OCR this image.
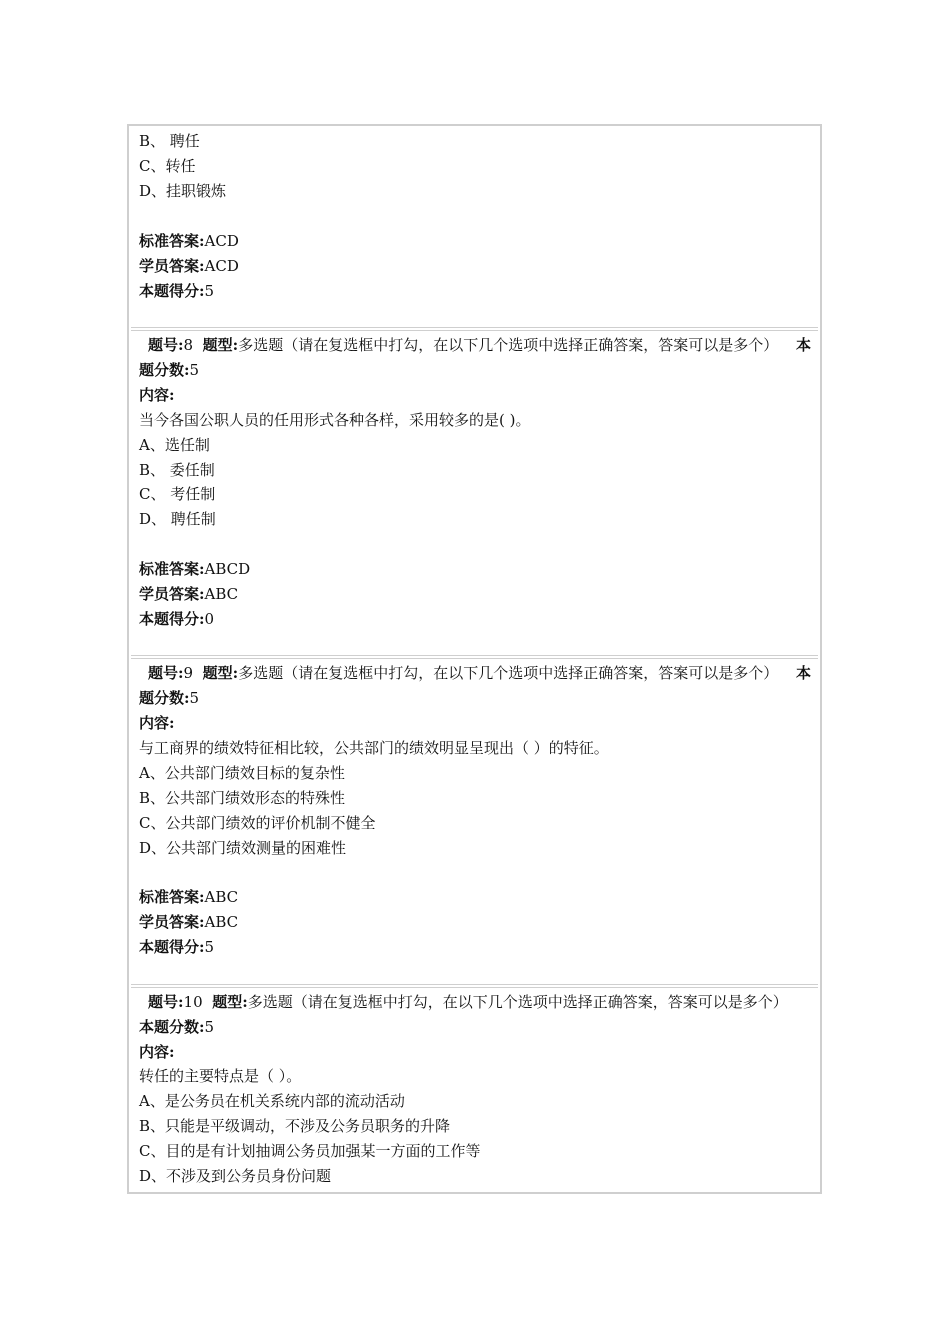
B、 聘任
C、转任
D、挂职锻炼
标准答案:ACD
学员答案:ACD
本题得分:5
题号:8 题型:多选题（请在复选框中打勾，在以下几个选项中选择正确答案，答案可以是多个） 本
题分数:5
内容:
当今各国公职人员的任用形式各种各样，采用较多的是( )。
A、选任制
B、 委任制
C、 考任制
D、 聘任制
标准答案:ABCD
学员答案:ABC
本题得分:0
题号:9 题型:多选题（请在复选框中打勾，在以下几个选项中选择正确答案，答案可以是多个） 本
题分数:5
内容:
与工商界的绩效特征相比较，公共部门的绩效明显呈现出（ ）的特征。
A、公共部门绩效目标的复杂性
B、公共部门绩效形态的特殊性
C、公共部门绩效的评价机制不健全
D、公共部门绩效测量的困难性
标准答案:ABC
学员答案:ABC
本题得分:5
题号:10 题型:多选题（请在复选框中打勾，在以下几个选项中选择正确答案，答案可以是多个）
本题分数:5
内容:
转任的主要特点是（ ）。
A、是公务员在机关系统内部的流动活动
B、只能是平级调动，不涉及公务员职务的升降
C、目的是有计划抽调公务员加强某一方面的工作等
D、不涉及到公务员身份问题
